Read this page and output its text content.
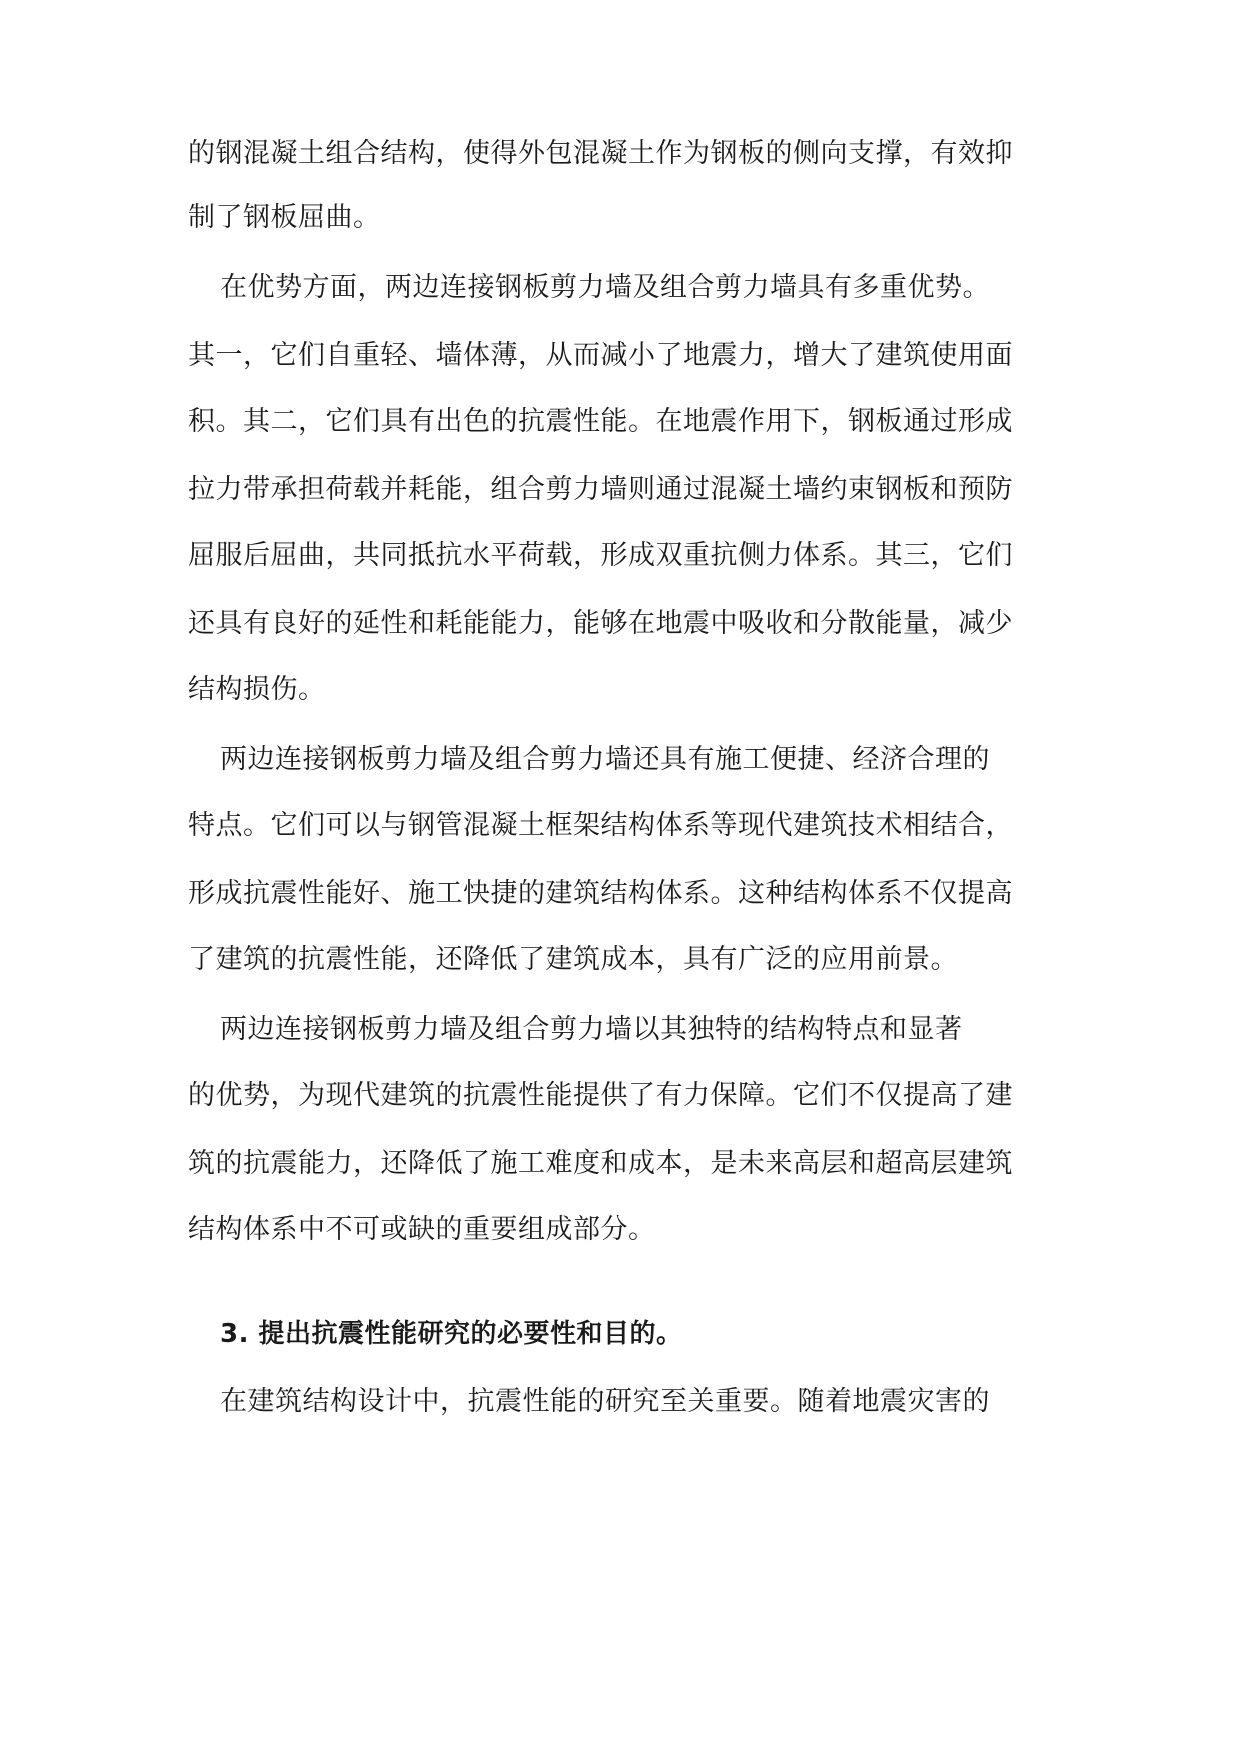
的钢混凝土组合结构，使得外包混凝土作为钢板的侧向支撑，有效抑
制了钢板屈曲。
在优势方面，两边连接钢板剪力墙及组合剪力墙具有多重优势。
其一，它们自重轻、墙体薄，从而减小了地震力，增大了建筑使用面
积。其二，它们具有出色的抗震性能。在地震作用下，钢板通过形成
拉力带承担荷载并耗能，组合剪力墙则通过混凝土墙约束钢板和预防
屈服后屈曲，共同抵抗水平荷载，形成双重抗侧力体系。其三，它们
还具有良好的延性和耗能能力，能够在地震中吸收和分散能量，减少
结构损伤。
两边连接钢板剪力墙及组合剪力墙还具有施工便捷、经济合理的
特点。它们可以与钢管混凝土框架结构体系等现代建筑技术相结合，
形成抗震性能好、施工快捷的建筑结构体系。这种结构体系不仅提高
了建筑的抗震性能，还降低了建筑成本，具有广泛的应用前景。
两边连接钢板剪力墙及组合剪力墙以其独特的结构特点和显著
的优势，为现代建筑的抗震性能提供了有力保障。它们不仅提高了建
筑的抗震能力，还降低了施工难度和成本，是未来高层和超高层建筑
结构体系中不可或缺的重要组成部分。
3. 提出抗震性能研究的必要性和目的。
在建筑结构设计中，抗震性能的研究至关重要。随着地震灾害的
